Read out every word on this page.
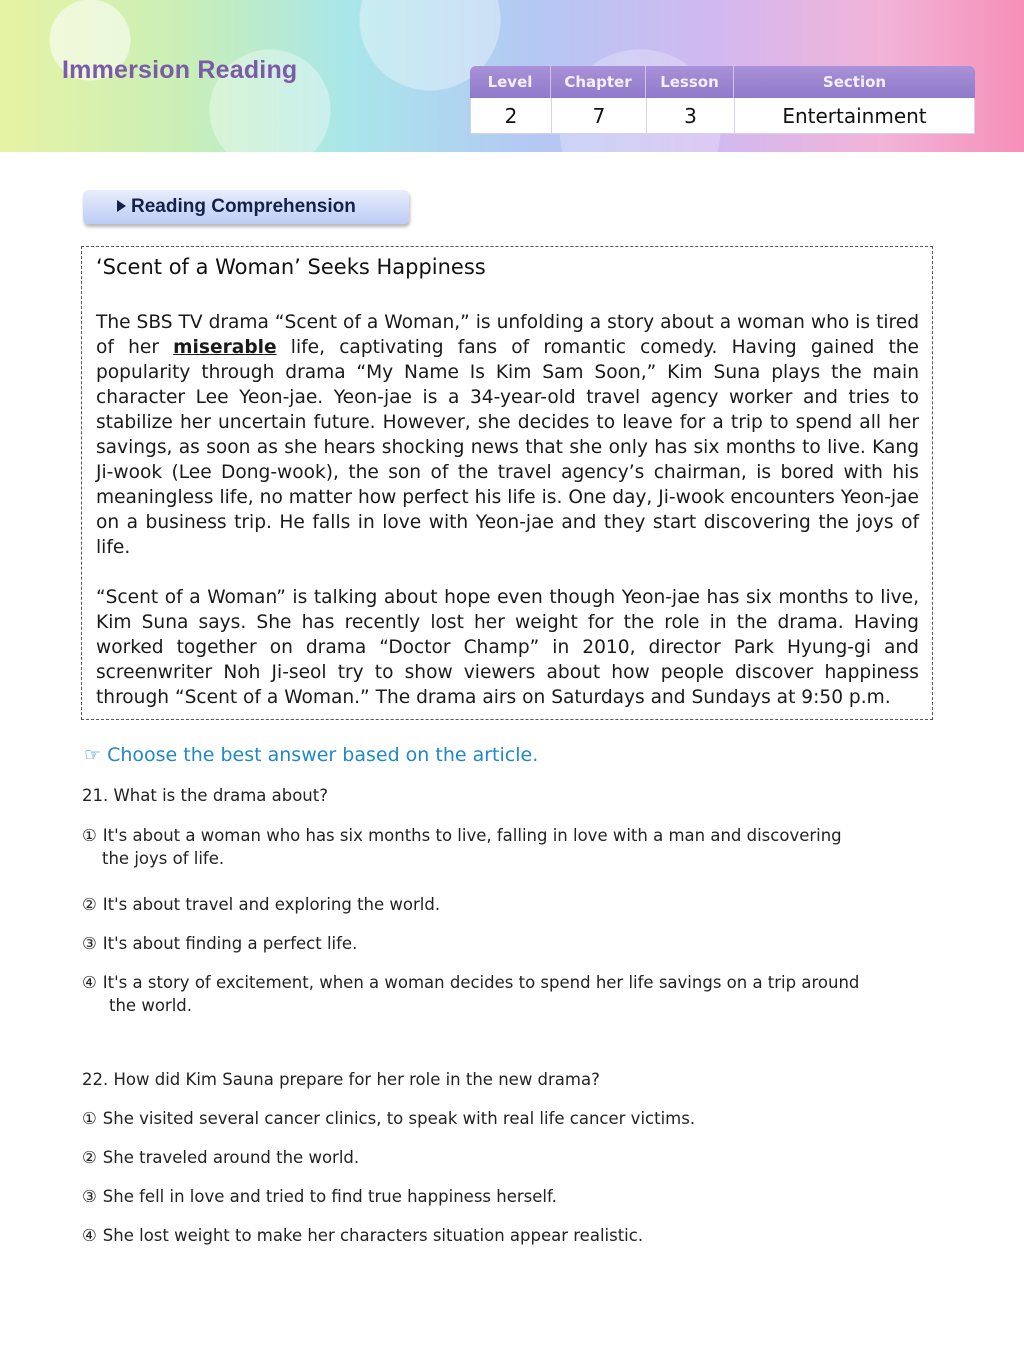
Immersion Reading	Level	Chapter	Lesson	Section
2	7	3	Entertainment
Reading Comprehension
‘Scent of a Woman’ Seeks Happiness
The SBS TV drama “Scent of a Woman,” is unfolding a story about a woman who is tired of her miserable life, captivating fans of romantic comedy. Having gained the popularity through drama “My Name Is Kim Sam Soon,” Kim Suna plays the main character Lee Yeon-jae. Yeon-jae is a 34-year-old travel agency worker and tries to stabilize her uncertain future. However, she decides to leave for a trip to spend all her savings, as soon as she hears shocking news that she only has six months to live. Kang Ji-wook (Lee Dong-wook), the son of the travel agency’s chairman, is bored with his meaningless life, no matter how perfect his life is. One day, Ji-wook encounters Yeon-jae on a business trip. He falls in love with Yeon-jae and they start discovering the joys of life.
“Scent of a Woman” is talking about hope even though Yeon-jae has six months to live, Kim Suna says. She has recently lost her weight for the role in the drama. Having worked together on drama “Doctor Champ” in 2010, director Park Hyung-gi and screenwriter Noh Ji-seol try to show viewers about how people discover happiness through “Scent of a Woman.” The drama airs on Saturdays and Sundays at 9:50 p.m.
☞ Choose the best answer based on the article.
21. What is the drama about?
① It's about a woman who has six months to live, falling in love with a man and discovering
the joys of life.
② It's about travel and exploring the world.
③ It's about finding a perfect life.
④ It's a story of excitement, when a woman decides to spend her life savings on a trip around
the world.
22. How did Kim Sauna prepare for her role in the new drama?
① She visited several cancer clinics, to speak with real life cancer victims.
② She traveled around the world.
③ She fell in love and tried to find true happiness herself.
④ She lost weight to make her characters situation appear realistic.
